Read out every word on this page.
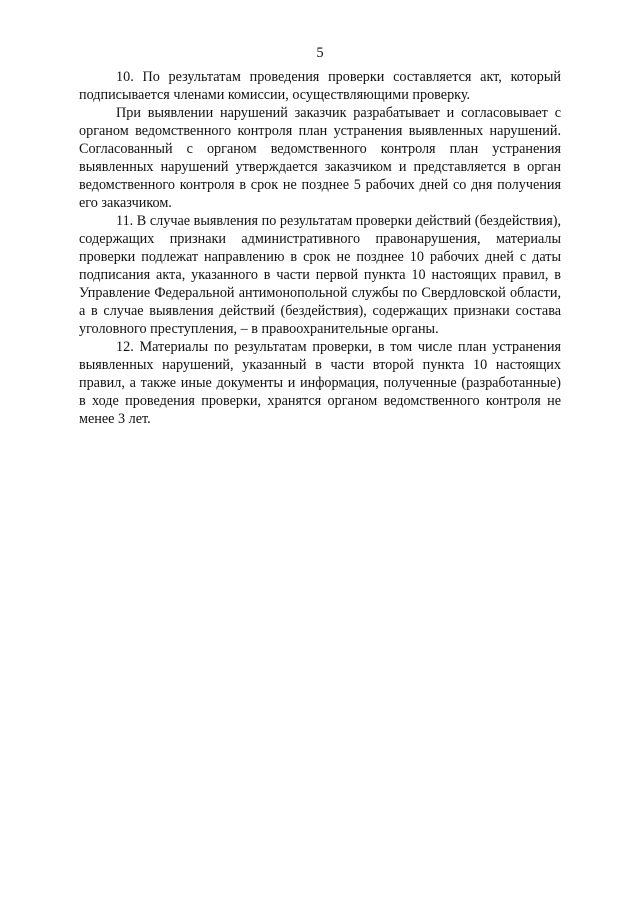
5

10. По результатам проведения проверки составляется акт, который подписывается членами комиссии, осуществляющими проверку.

При выявлении нарушений заказчик разрабатывает и согласовывает с органом ведомственного контроля план устранения выявленных нарушений. Согласованный с органом ведомственного контроля план устранения выявленных нарушений утверждается заказчиком и представляется в орган ведомственного контроля в срок не позднее 5 рабочих дней со дня получения его заказчиком.

11. В случае выявления по результатам проверки действий (бездействия), содержащих признаки административного правонарушения, материалы проверки подлежат направлению в срок не позднее 10 рабочих дней с даты подписания акта, указанного в части первой пункта 10 настоящих правил, в Управление Федеральной антимонопольной службы по Свердловской области, а в случае выявления действий (бездействия), содержащих признаки состава уголовного преступления, – в правоохранительные органы.

12. Материалы по результатам проверки, в том числе план устранения выявленных нарушений, указанный в части второй пункта 10 настоящих правил, а также иные документы и информация, полученные (разработанные) в ходе проведения проверки, хранятся органом ведомственного контроля не менее 3 лет.
